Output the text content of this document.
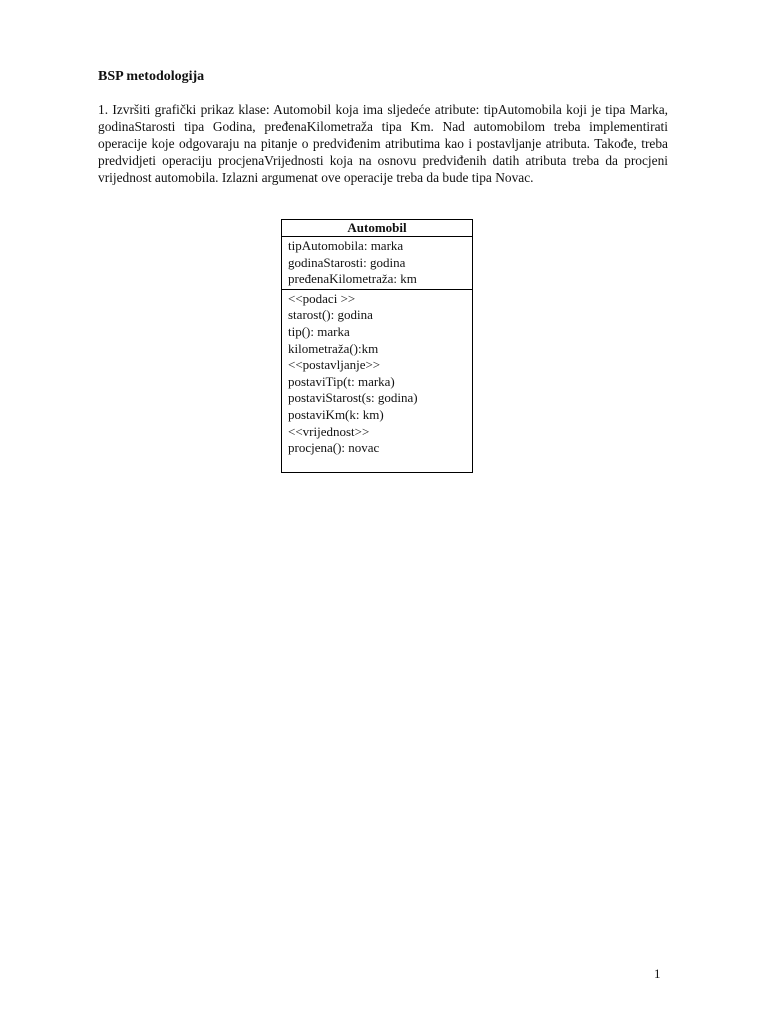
BSP metodologija

1. Izvršiti grafički prikaz klase: Automobil koja ima sljedeće atribute: tipAutomobila koji je tipa Marka, godinaStarosti tipa Godina, pređenaKilometraža tipa Km. Nad automobilom treba implementirati operacije koje odgovaraju na pitanje o predviđenim atributima kao i postavljanje atributa. Takođe, treba predvidjeti operaciju procjenaVrijednosti koja na osnovu predviđenih datih atributa treba da procjeni vrijednost automobila. Izlazni argumenat ove operacije treba da bude tipa Novac.

Automobil
tipAutomobila: marka
godinaStarosti: godina
pređenaKilometraža: km
<<podaci >>
starost(): godina
tip(): marka
kilometraža():km
<<postavljanje>>
postaviTip(t: marka)
postaviStarost(s: godina)
postaviKm(k: km)
<<vrijednost>>
procjena(): novac
1
